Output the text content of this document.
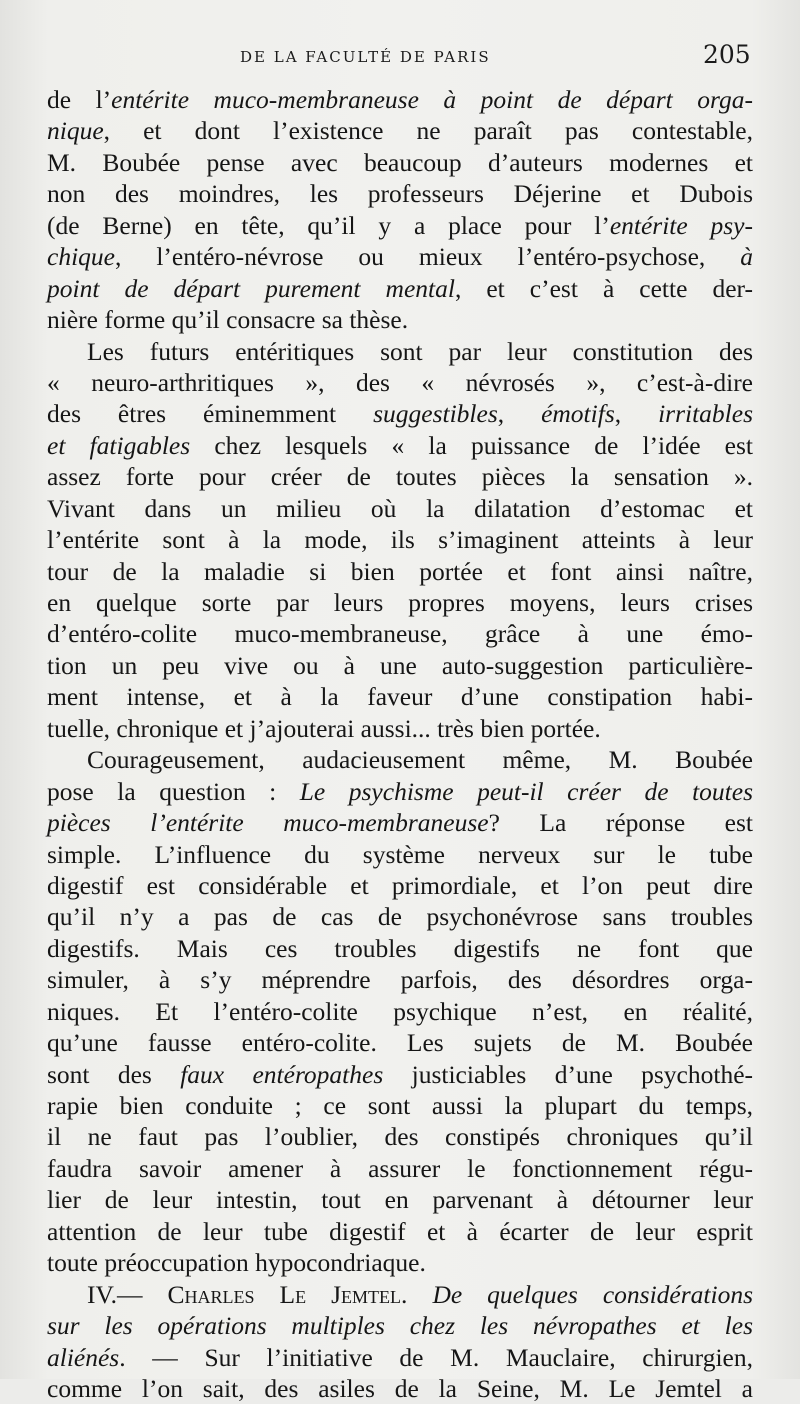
DE LA FACULTÉ DE PARIS	205
de l’entérite muco-membraneuse à point de départ orga-
nique, et dont l’existence ne paraît pas contestable,
M. Boubée pense avec beaucoup d’auteurs modernes et
non des moindres, les professeurs Déjerine et Dubois
(de Berne) en tête, qu’il y a place pour l’entérite psy-
chique, l’entéro-névrose ou mieux l’entéro-psychose, à
point de départ purement mental, et c’est à cette der-
nière forme qu’il consacre sa thèse.
Les futurs entéritiques sont par leur constitution des
« neuro-arthritiques », des « névrosés », c’est-à-dire
des êtres éminemment suggestibles, émotifs, irritables
et fatigables chez lesquels « la puissance de l’idée est
assez forte pour créer de toutes pièces la sensation ».
Vivant dans un milieu où la dilatation d’estomac et
l’entérite sont à la mode, ils s’imaginent atteints à leur
tour de la maladie si bien portée et font ainsi naître,
en quelque sorte par leurs propres moyens, leurs crises
d’entéro-colite muco-membraneuse, grâce à une émo-
tion un peu vive ou à une auto-suggestion particulière-
ment intense, et à la faveur d’une constipation habi-
tuelle, chronique et j’ajouterai aussi... très bien portée.
Courageusement, audacieusement même, M. Boubée
pose la question : Le psychisme peut-il créer de toutes
pièces l’entérite muco-membraneuse? La réponse est
simple. L’influence du système nerveux sur le tube
digestif est considérable et primordiale, et l’on peut dire
qu’il n’y a pas de cas de psychonévrose sans troubles
digestifs. Mais ces troubles digestifs ne font que
simuler, à s’y méprendre parfois, des désordres orga-
niques. Et l’entéro-colite psychique n’est, en réalité,
qu’une fausse entéro-colite. Les sujets de M. Boubée
sont des faux entéropathes justiciables d’une psychothé-
rapie bien conduite ; ce sont aussi la plupart du temps,
il ne faut pas l’oublier, des constipés chroniques qu’il
faudra savoir amener à assurer le fonctionnement régu-
lier de leur intestin, tout en parvenant à détourner leur
attention de leur tube digestif et à écarter de leur esprit
toute préoccupation hypocondriaque.
IV.— Charles Le Jemtel. De quelques considérations
sur les opérations multiples chez les névropathes et les
aliénés. — Sur l’initiative de M. Mauclaire, chirurgien,
comme l’on sait, des asiles de la Seine, M. Le Jemtel a
